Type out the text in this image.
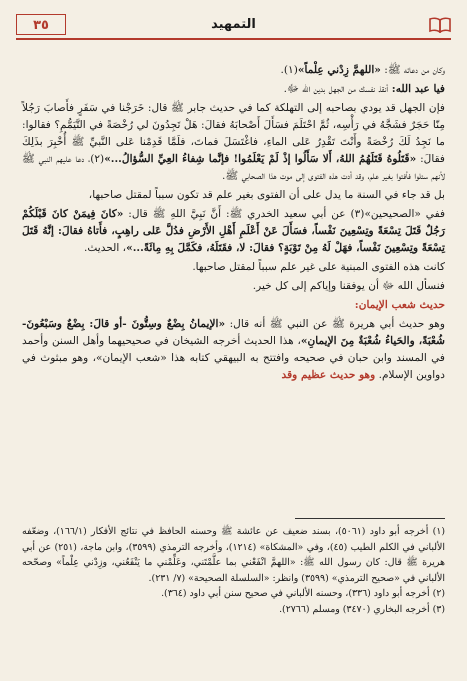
٣٥	التمهيد

وكان من دعائه ﷺ: «اللهمَّ زِدْني عِلْماً»(١).

فيا عبد الله: أنقذ نفسك من الجهل بدين الله ﷻ.

فإن الجهل قد يودي بصاحبه إلى التهلكة كما في حديث جابر ﷺ قال: خَرَجْنا في سَفَرٍ فأَصابَ رَجُلاً مِنّا حَجَرٌ فشَجَّهُ في رَأْسِه، ثُمَّ احْتَلَمَ فسَأَلَ أَصْحابَهُ فقالَ: هَلْ تَجِدُونَ لي رُخْصَةً في التَّيَمُّمِ؟ فقالوا: ما نَجِدُ لَكَ رُخْصَةً وأَنْتَ تَقْدِرُ عَلى الماءِ، فاغْتَسَلَ فماتَ، فلَمَّا قَدِمْنا عَلى النَّبيِّ ﷺ أُخْبِرَ بذَلِكَ فقالَ: «قَتَلُوهُ قَتَلَهُمُ اللهُ، أَلا سَأَلُوا إذْ لَمْ يَعْلَمُوا! فإنَّما شِفاءُ العِيِّ السُّؤالُ...»(٢)، دعا عليهم النبي ﷺ لأنهم سئلوا فأفتوا بغير علم، وقد أدت هذه الفتوى إلى موت هذا الصحابي ﷺ.

بل قد جاء في السنة ما يدل على أن الفتوى بغير علم قد تكون سبباً لمقتل صاحبها،

ففي «الصحيحين»(٣) عن أبي سعيد الخدري ﷺ: أَنَّ نَبِيَّ اللهِ ﷺ قال: «كانَ فِيمَنْ كانَ قَبْلَكُمْ رَجُلٌ قَتَلَ تِسْعَةً وتِسْعِينَ نَفْساً، فسَأَلَ عَنْ أَعْلَمِ أَهْلِ الأَرْضِ فدُلَّ عَلى راهِبٍ، فأَتاهُ فقالَ: إنَّهُ قَتَلَ تِسْعَةً وتِسْعِينَ نَفْساً، فهَلْ لَهُ مِنْ تَوْبَةٍ؟ فقالَ: لا، فقَتَلَهُ، فكَمَّلَ بِهِ مِائَةً...»، الحديث.

كانت هذه الفتوى المبنية على غير علم سبباً لمقتل صاحبها.

فنسأل الله ﷻ أن يوفقنا وإياكم إلى كل خير.

حديث شعب الإيمان:

وهو حديث أبي هريرة ﷺ عن النبي ﷺ أنه قال: «الإيمانُ بِضْعٌ وسِتُّونَ -أو قالَ: بِضْعٌ وسَبْعُونَ- شُعْبَةً، والحَياءُ شُعْبَةٌ مِنَ الإيمانِ»، هذا الحديث أخرجه الشيخان في صحيحيهما وأهل السنن وأحمد في المسند وابن حبان في صحيحه وافتتح به البيهقي كتابه هذا «شعب الإيمان»، وهو مبثوث في دواوين الإسلام. وهو حديث عظيم وقد

(١) أخرجه أبو داود (٥٠٦١)، بسند ضعيف عن عائشة ﷺ وحسنه الحافظ في نتائج الأفكار (١٦٦/١)، وضعّفه الألباني في الكلم الطيب (٤٥)، وفي «المشكاة» (١٢١٤)، وأخرجه الترمذي (٣٥٩٩)، وابن ماجة، (٢٥١) عن أبي هريرة ﷺ قال: كان رسول الله ﷺ: «اللهمَّ انْفَعْني بما علَّمْتَني، وعَلِّمْني ما يَنْفَعُني، وزِدْني عِلْماً» وصحّحه الألباني في «صحيح الترمذي» (٣٥٩٩) وانظر: «السلسلة الصحيحة» (٧/ ٢٣١).

(٢) أخرجه أبو داود (٣٣٦)، وحسنه الألباني في صحيح سنن أبي داود (٣٦٤).

(٣) أخرجه البخاري (٣٤٧٠) ومسلم (٢٧٦٦).
